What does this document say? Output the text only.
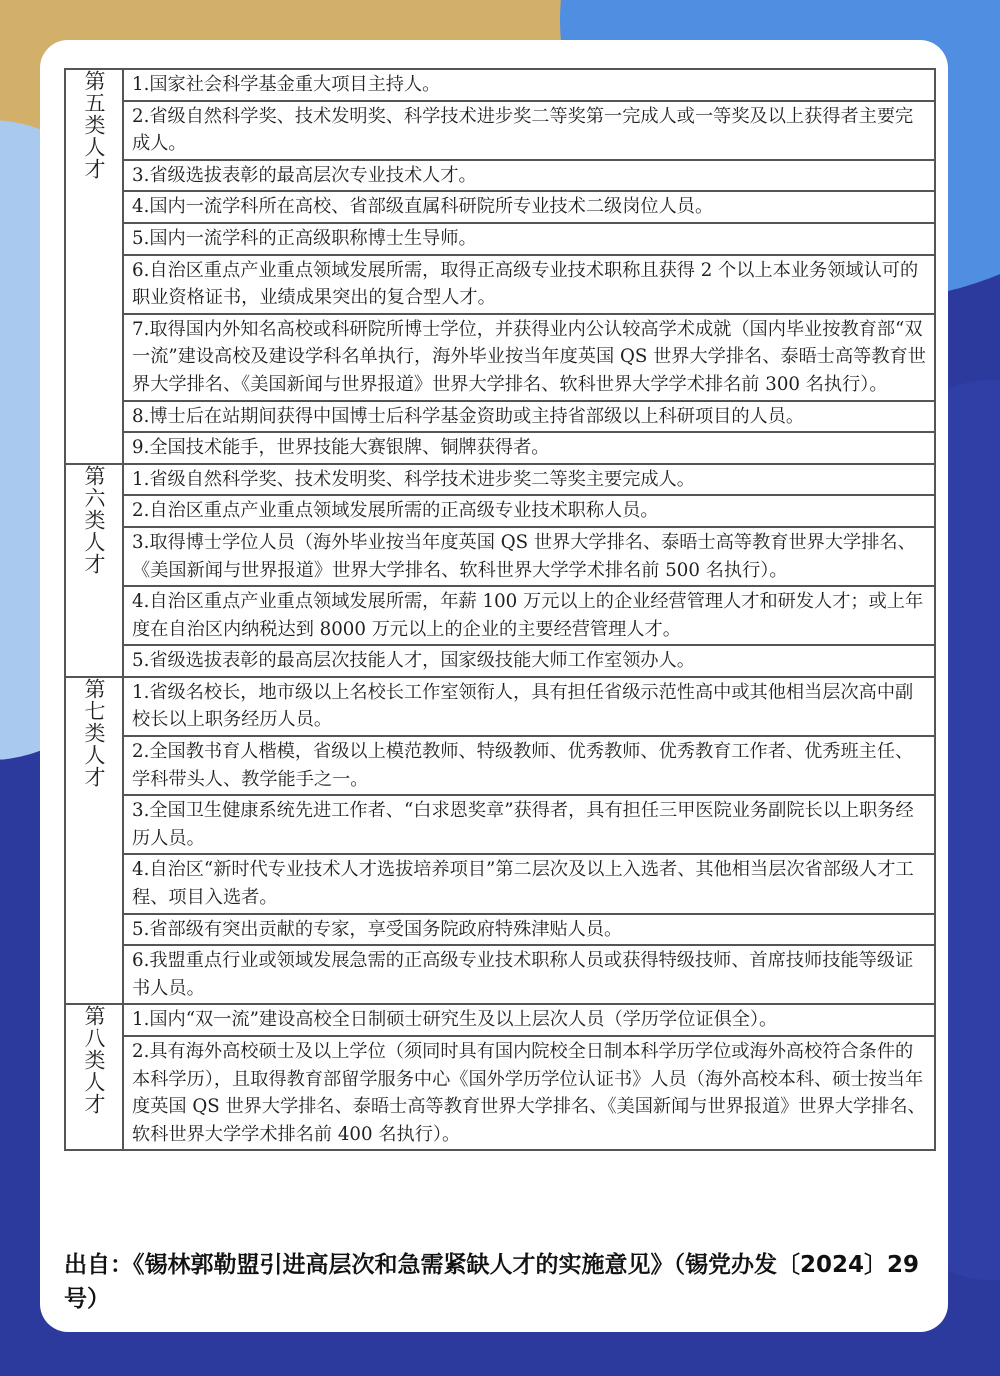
第五类人才	1.国家社会科学基金重大项目主持人。
	2.省级自然科学奖、技术发明奖、科学技术进步奖二等奖第一完成人或一等奖及以上获得者主要完成人。
	3.省级选拔表彰的最高层次专业技术人才。
	4.国内一流学科所在高校、省部级直属科研院所专业技术二级岗位人员。
	5.国内一流学科的正高级职称博士生导师。
	6.自治区重点产业重点领域发展所需，取得正高级专业技术职称且获得 2 个以上本业务领域认可的职业资格证书，业绩成果突出的复合型人才。
	7.取得国内外知名高校或科研院所博士学位，并获得业内公认较高学术成就（国内毕业按教育部“双一流”建设高校及建设学科名单执行，海外毕业按当年度英国 QS 世界大学排名、泰晤士高等教育世界大学排名、《美国新闻与世界报道》世界大学排名、软科世界大学学术排名前 300 名执行）。
	8.博士后在站期间获得中国博士后科学基金资助或主持省部级以上科研项目的人员。
	9.全国技术能手，世界技能大赛银牌、铜牌获得者。
第六类人才	1.省级自然科学奖、技术发明奖、科学技术进步奖二等奖主要完成人。
	2.自治区重点产业重点领域发展所需的正高级专业技术职称人员。
	3.取得博士学位人员（海外毕业按当年度英国 QS 世界大学排名、泰晤士高等教育世界大学排名、《美国新闻与世界报道》世界大学排名、软科世界大学学术排名前 500 名执行）。
	4.自治区重点产业重点领域发展所需，年薪 100 万元以上的企业经营管理人才和研发人才；或上年度在自治区内纳税达到 8000 万元以上的企业的主要经营管理人才。
	5.省级选拔表彰的最高层次技能人才，国家级技能大师工作室领办人。
第七类人才	1.省级名校长，地市级以上名校长工作室领衔人，具有担任省级示范性高中或其他相当层次高中副校长以上职务经历人员。
	2.全国教书育人楷模，省级以上模范教师、特级教师、优秀教师、优秀教育工作者、优秀班主任、学科带头人、教学能手之一。
	3.全国卫生健康系统先进工作者、“白求恩奖章”获得者，具有担任三甲医院业务副院长以上职务经历人员。
	4.自治区“新时代专业技术人才选拔培养项目”第二层次及以上入选者、其他相当层次省部级人才工程、项目入选者。
	5.省部级有突出贡献的专家，享受国务院政府特殊津贴人员。
	6.我盟重点行业或领域发展急需的正高级专业技术职称人员或获得特级技师、首席技师技能等级证书人员。
第八类人才	1.国内“双一流”建设高校全日制硕士研究生及以上层次人员（学历学位证俱全）。
	2.具有海外高校硕士及以上学位（须同时具有国内院校全日制本科学历学位或海外高校符合条件的本科学历），且取得教育部留学服务中心《国外学历学位认证书》人员（海外高校本科、硕士按当年度英国 QS 世界大学排名、泰晤士高等教育世界大学排名、《美国新闻与世界报道》世界大学排名、软科世界大学学术排名前 400 名执行）。
出自：《锡林郭勒盟引进高层次和急需紧缺人才的实施意见》（锡党办发〔2024〕29号）
